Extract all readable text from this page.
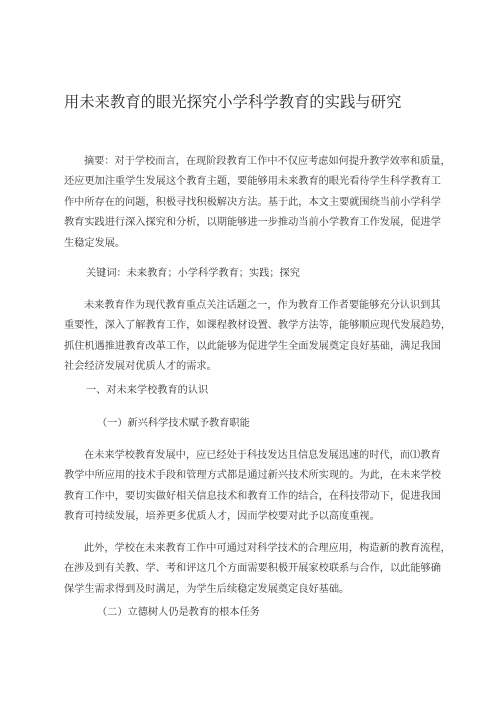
用未来教育的眼光探究小学科学教育的实践与研究
摘要：对于学校而言，在现阶段教育工作中不仅应考虑如何提升教学效率和质量，
还应更加注重学生发展这个教育主题，要能够用未来教育的眼光看待学生科学教育工
作中所存在的问题，积极寻找积极解决方法。基于此，本文主要就围绕当前小学科学
教育实践进行深入探究和分析，以期能够进一步推动当前小学教育工作发展，促进学
生稳定发展。
关键词：未来教育；小学科学教育；实践；探究
未来教育作为现代教育重点关注话题之一，作为教育工作者要能够充分认识到其
重要性，深入了解教育工作，如课程教材设置、教学方法等，能够顺应现代发展趋势，
抓住机遇推进教育改革工作，以此能够为促进学生全面发展奠定良好基础，满足我国
社会经济发展对优质人才的需求。
一、对未来学校教育的认识
（一）新兴科学技术赋予教育职能
在未来学校教育发展中，应已经处于科技发达且信息发展迅速的时代，而⑴教育
教学中所应用的技术手段和管理方式都是通过新兴技术所实现的。为此，在未来学校
教育工作中，要切实做好相关信息技术和教育工作的结合，在科技带动下，促进我国
教育可持续发展，培养更多优质人才，因而学校要对此予以高度重视。
此外，学校在未来教育工作中可通过对科学技术的合理应用，构造新的教育流程，
在涉及到有关教、学、考和评这几个方面需要积极开展家校联系与合作，以此能够确
保学生需求得到及时满足，为学生后续稳定发展奠定良好基础。
（二）立德树人仍是教育的根本任务
